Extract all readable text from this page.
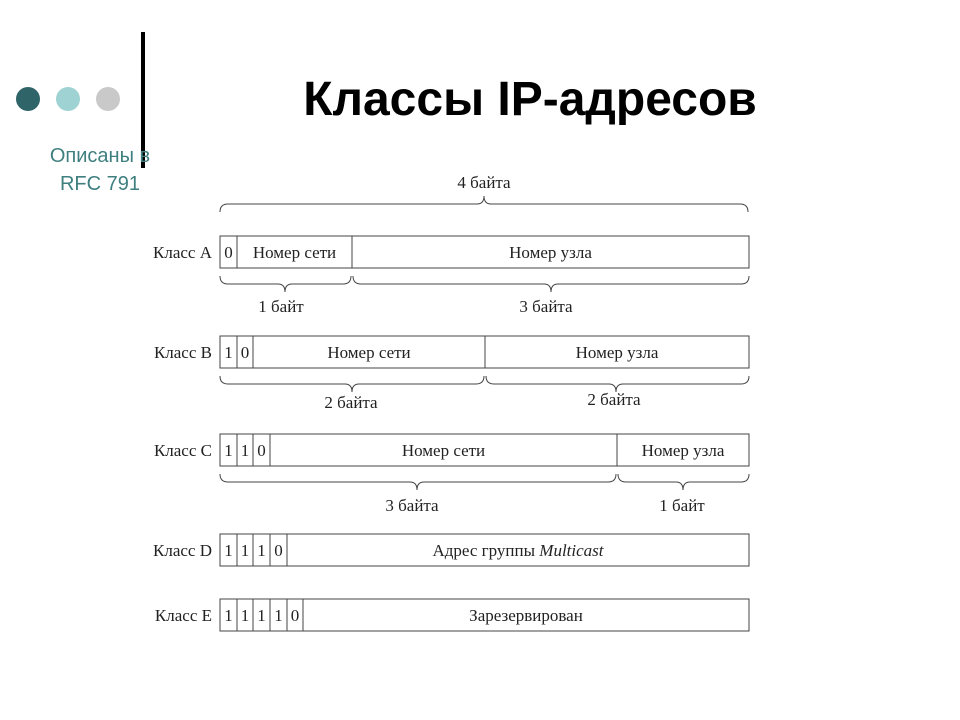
Классы IP-адресов
Описаны в
RFC 791	4 байта
Класс А 0 Номер сети	Номер узла
1 байт	3 байта
Класс В 1 0	Номер сети	Номер узла
2 байта	2 байта
Класс С 1 1 0	Номер сети	Номер узла
3 байта	1 байт
Класс D 1 1 1 0	Адрес группы Multicast
Класс Е 1 1 1 1 0	Зарезервирован
